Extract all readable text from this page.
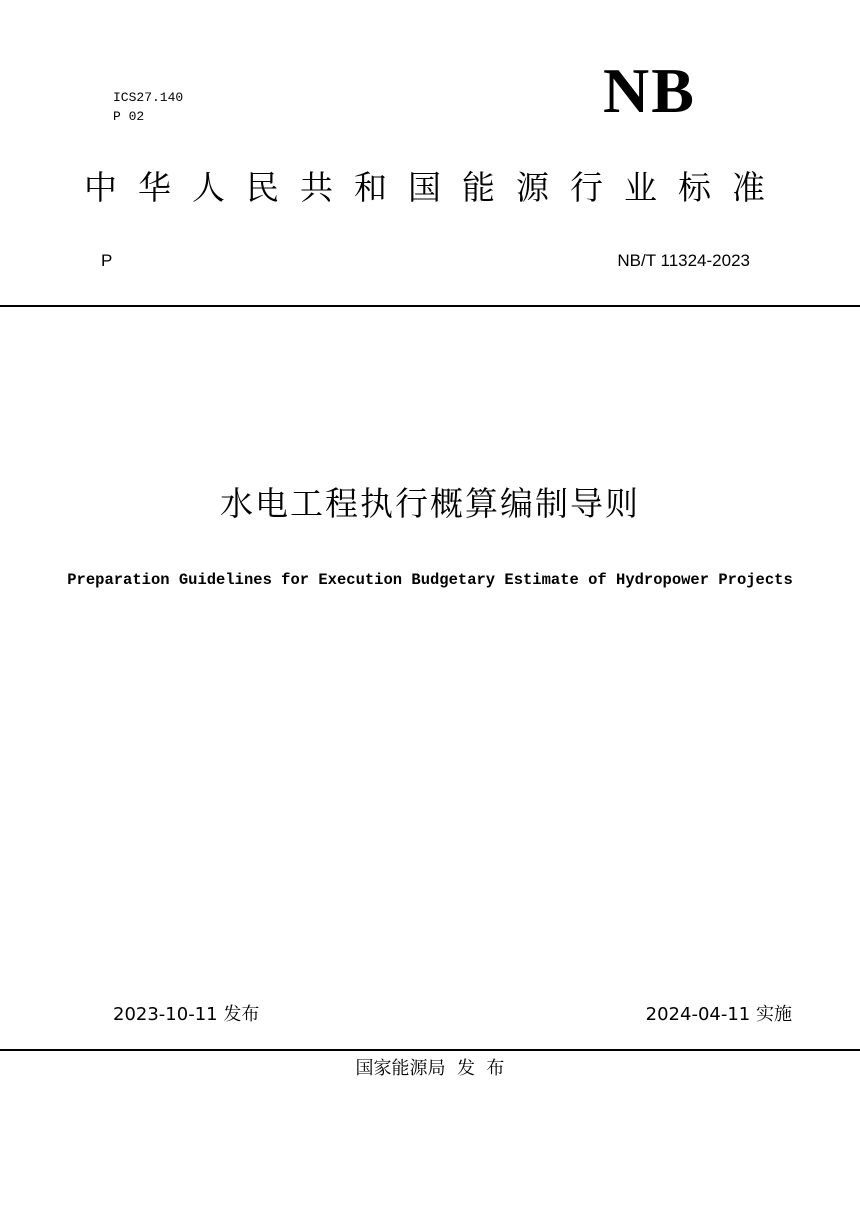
ICS27.140
P 02	NB
中华人民共和国能源行业标准
P	NB/T 11324-2023
水电工程执行概算编制导则
Preparation Guidelines for Execution Budgetary Estimate of Hydropower Projects
2023-10-11 发布	2024-04-11 实施
国家能源局  发  布
